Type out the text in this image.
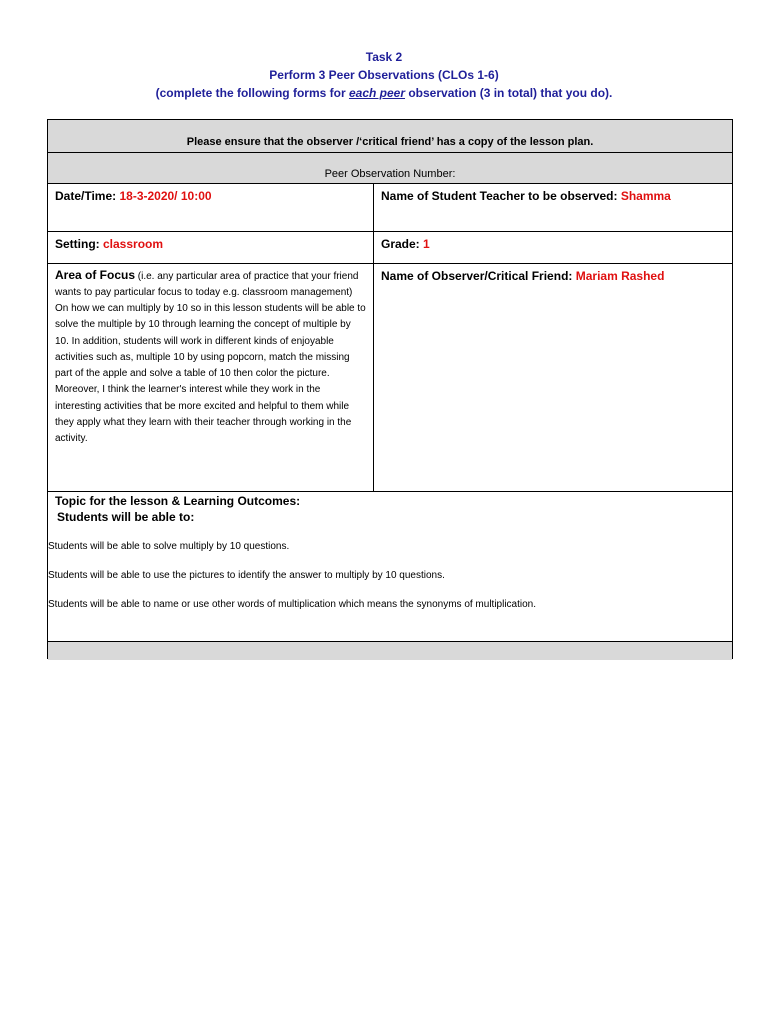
Task 2
Perform 3 Peer Observations (CLOs 1-6)
(complete the following forms for each peer observation (3 in total) that you do).
Please ensure that the observer /‘critical friend’ has a copy of the lesson plan.
Peer Observation Number:
Date/Time: 18-3-2020/ 10:00	Name of Student Teacher to be observed: Shamma
Setting: classroom	Grade: 1
Area of Focus (i.e. any particular area of practice that your friend wants to pay particular focus to today e.g. classroom management)
On how we can multiply by 10 so in this lesson students will be able to solve the multiple by 10 through learning the concept of multiple by 10. In addition, students will work in different kinds of enjoyable activities such as, multiple 10 by using popcorn, match the missing part of the apple and solve a table of 10 then color the picture. Moreover, I think the learner's interest while they work in the interesting activities that be more excited and helpful to them while they apply what they learn with their teacher through working in the activity.
Name of Observer/Critical Friend: Mariam Rashed
Topic for the lesson & Learning Outcomes:
Students will be able to:
Students will be able to solve multiply by 10 questions.
Students will be able to use the pictures to identify the answer to multiply by 10 questions.
Students will be able to name or use other words of multiplication which means the synonyms of multiplication.
